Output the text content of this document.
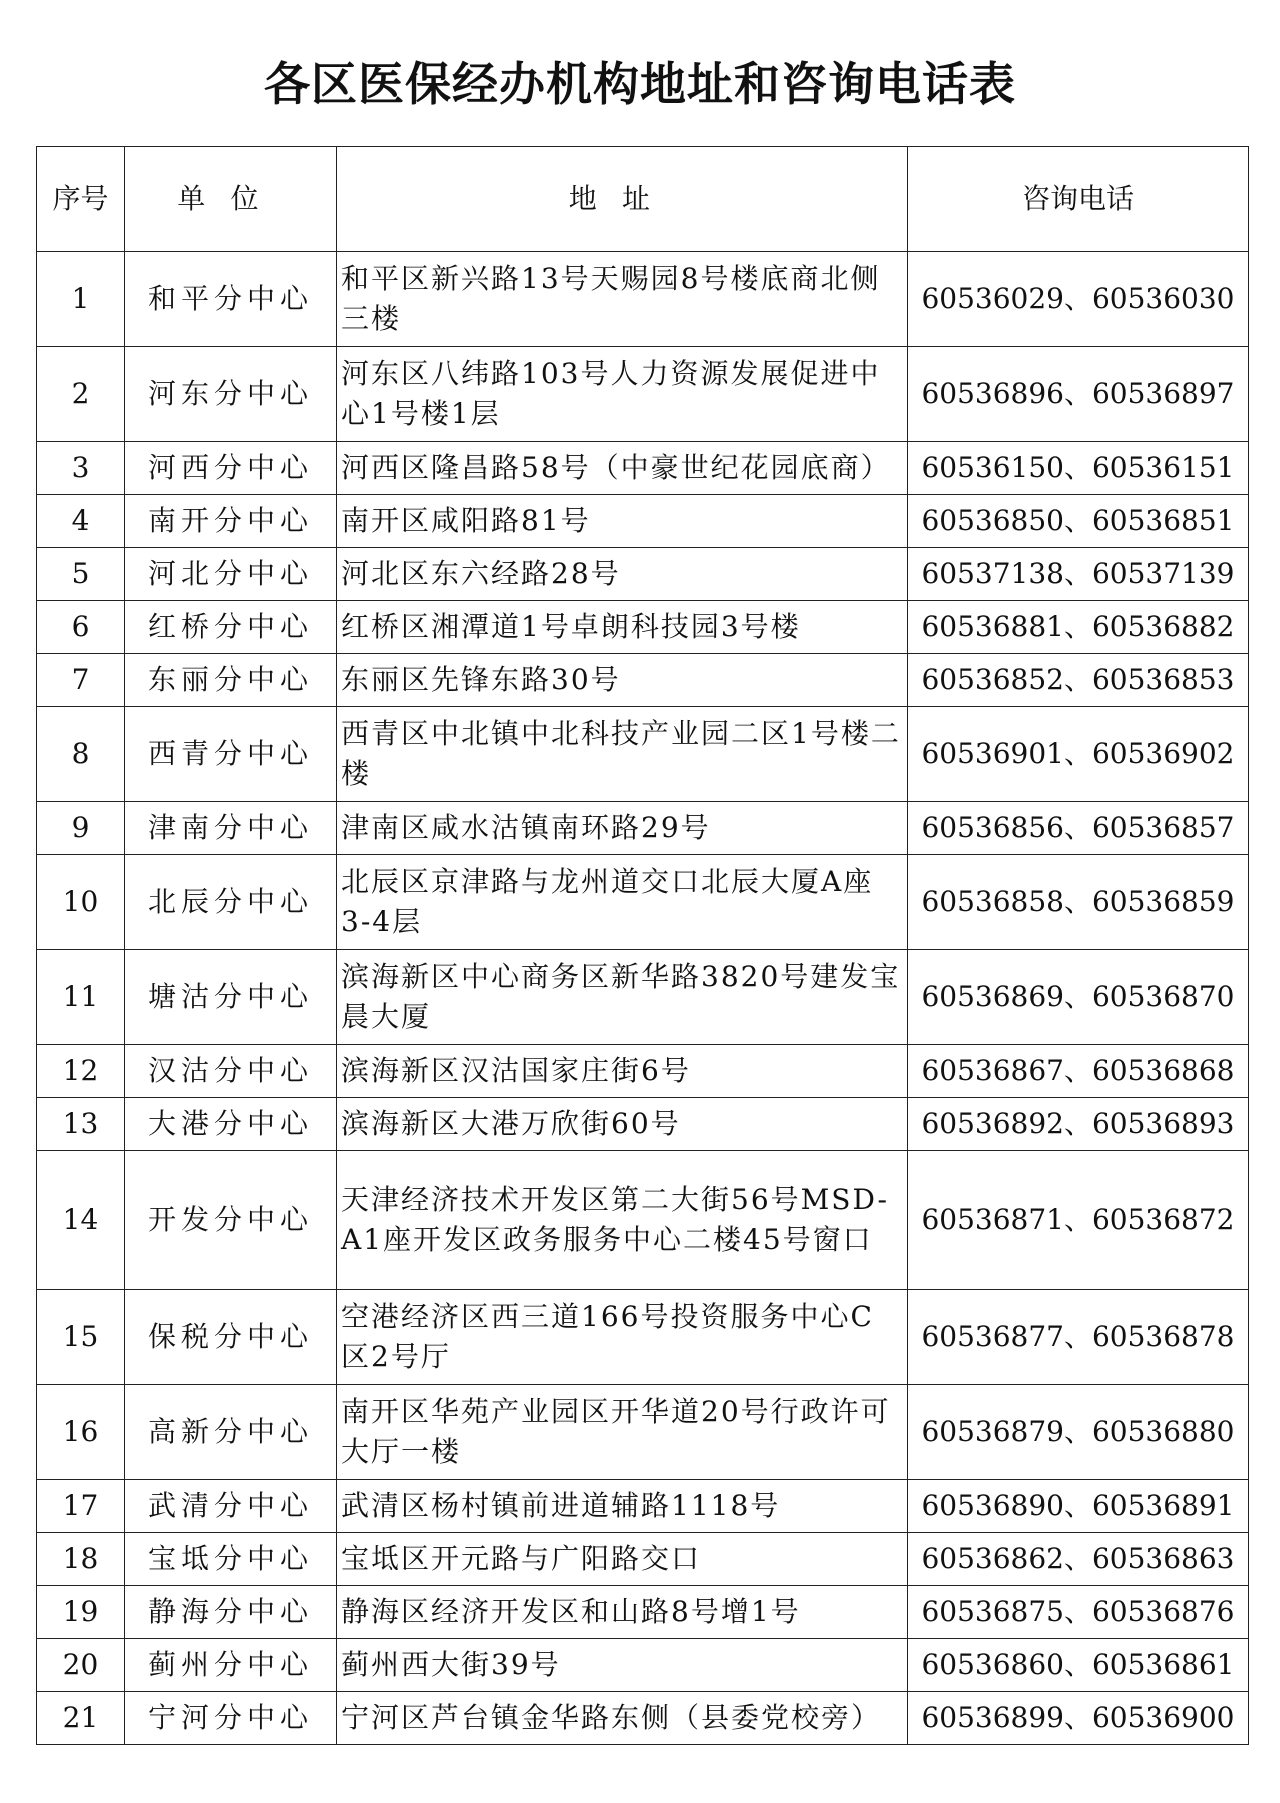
各区医保经办机构地址和咨询电话表
序号	单位	地址	咨询电话
1	和平分中心	和平区新兴路13号天赐园8号楼底商北侧三楼	60536029、60536030
2	河东分中心	河东区八纬路103号人力资源发展促进中心1号楼1层	60536896、60536897
3	河西分中心	河西区隆昌路58号（中豪世纪花园底商）	60536150、60536151
4	南开分中心	南开区咸阳路81号	60536850、60536851
5	河北分中心	河北区东六经路28号	60537138、60537139
6	红桥分中心	红桥区湘潭道1号卓朗科技园3号楼	60536881、60536882
7	东丽分中心	东丽区先锋东路30号	60536852、60536853
8	西青分中心	西青区中北镇中北科技产业园二区1号楼二楼	60536901、60536902
9	津南分中心	津南区咸水沽镇南环路29号	60536856、60536857
10	北辰分中心	北辰区京津路与龙州道交口北辰大厦A座3-4层	60536858、60536859
11	塘沽分中心	滨海新区中心商务区新华路3820号建发宝晨大厦	60536869、60536870
12	汉沽分中心	滨海新区汉沽国家庄街6号	60536867、60536868
13	大港分中心	滨海新区大港万欣街60号	60536892、60536893
14	开发分中心	天津经济技术开发区第二大街56号MSD-A1座开发区政务服务中心二楼45号窗口	60536871、60536872
15	保税分中心	空港经济区西三道166号投资服务中心C区2号厅	60536877、60536878
16	高新分中心	南开区华苑产业园区开华道20号行政许可大厅一楼	60536879、60536880
17	武清分中心	武清区杨村镇前进道辅路1118号	60536890、60536891
18	宝坻分中心	宝坻区开元路与广阳路交口	60536862、60536863
19	静海分中心	静海区经济开发区和山路8号增1号	60536875、60536876
20	蓟州分中心	蓟州西大街39号	60536860、60536861
21	宁河分中心	宁河区芦台镇金华路东侧（县委党校旁）	60536899、60536900
